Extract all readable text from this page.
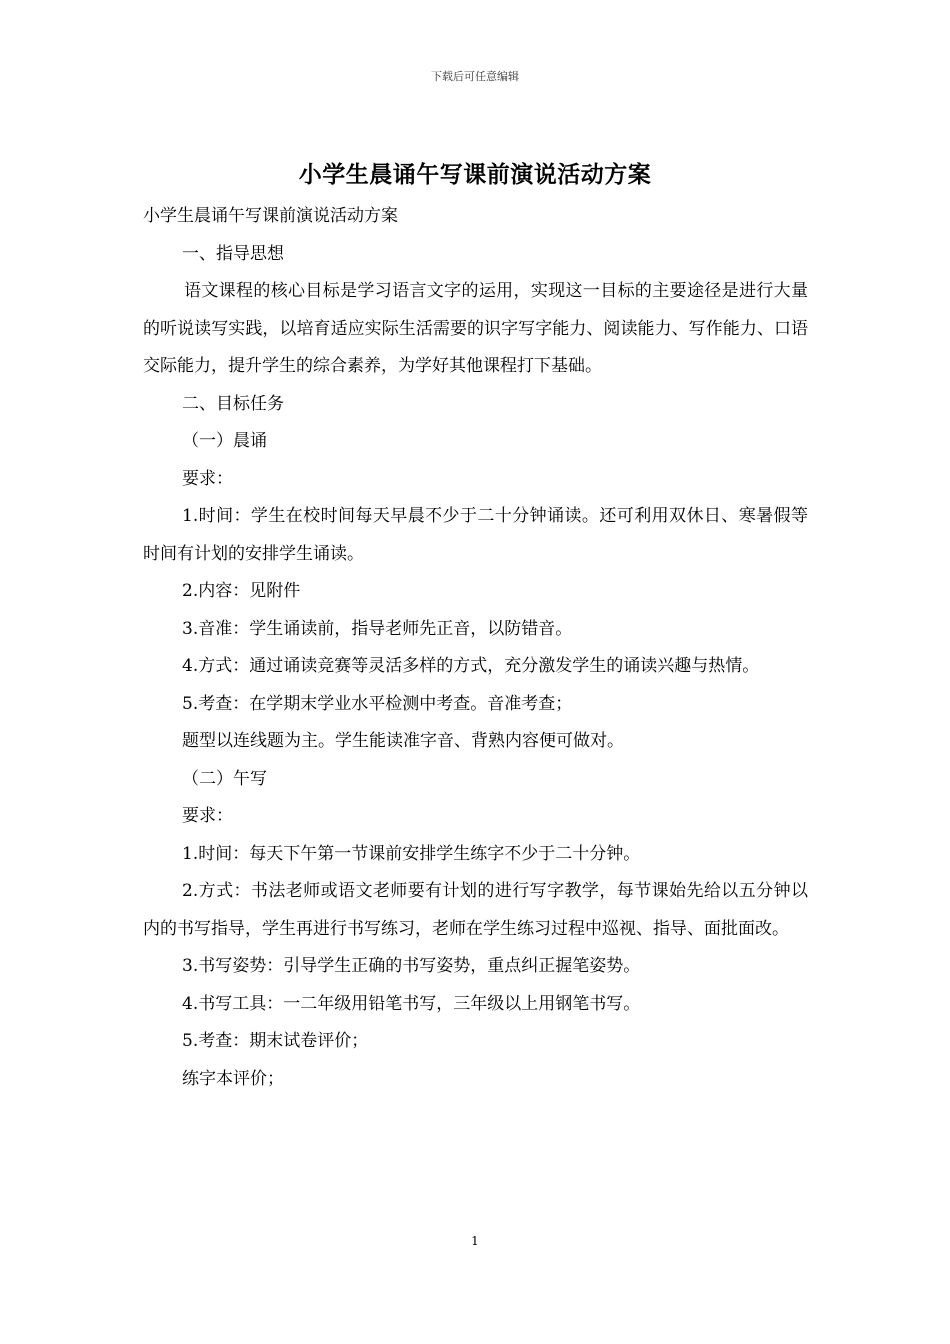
下载后可任意编辑
小学生晨诵午写课前演说活动方案

小学生晨诵午写课前演说活动方案

一、指导思想

语文课程的核心目标是学习语言文字的运用，实现这一目标的主要途径是进行大量的听说读写实践，以培育适应实际生活需要的识字写字能力、阅读能力、写作能力、口语交际能力，提升学生的综合素养，为学好其他课程打下基础。

二、目标任务

（一）晨诵

要求：

1.时间：学生在校时间每天早晨不少于二十分钟诵读。还可利用双休日、寒暑假等时间有计划的安排学生诵读。

2.内容：见附件

3.音准：学生诵读前，指导老师先正音，以防错音。

4.方式：通过诵读竞赛等灵活多样的方式，充分激发学生的诵读兴趣与热情。

5.考查：在学期末学业水平检测中考查。音准考查；

题型以连线题为主。学生能读准字音、背熟内容便可做对。

（二）午写

要求：

1.时间：每天下午第一节课前安排学生练字不少于二十分钟。

2.方式：书法老师或语文老师要有计划的进行写字教学，每节课始先给以五分钟以内的书写指导，学生再进行书写练习，老师在学生练习过程中巡视、指导、面批面改。

3.书写姿势：引导学生正确的书写姿势，重点纠正握笔姿势。

4.书写工具：一二年级用铅笔书写，三年级以上用钢笔书写。

5.考查：期末试卷评价；

练字本评价；

1
